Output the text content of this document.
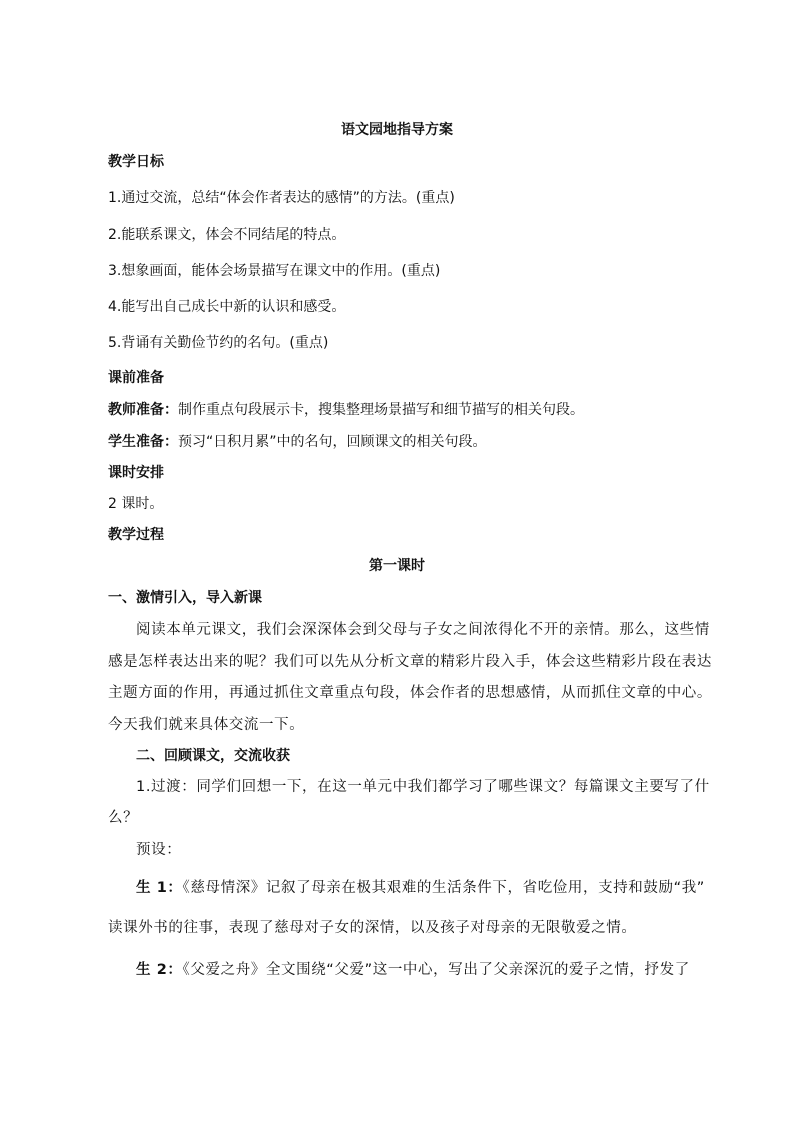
语文园地指导方案
教学日标
1.通过交流，总结“体会作者表达的感情”的方法。(重点)
2.能联系课文，体会不同结尾的特点。
3.想象画面，能体会场景描写在课文中的作用。(重点)
4.能写出自己成长中新的认识和感受。
5.背诵有关勤俭节约的名句。(重点)
课前准备
教师准备：制作重点句段展示卡，搜集整理场景描写和细节描写的相关句段。
学生准备：预习“日积月累”中的名句，回顾课文的相关句段。
课时安排
2 课时。
教学过程
第一课时
一、激情引入，导入新课
阅读本单元课文，我们会深深体会到父母与子女之间浓得化不开的亲情。那么，这些情
感是怎样表达出来的呢？我们可以先从分析文章的精彩片段入手，体会这些精彩片段在表达
主题方面的作用，再通过抓住文章重点句段，体会作者的思想感情，从而抓住文章的中心。
今天我们就来具体交流一下。
二、回顾课文，交流收获
1.过渡：同学们回想一下，在这一单元中我们都学习了哪些课文？每篇课文主要写了什
么？
预设：
生 1：《慈母情深》记叙了母亲在极其艰难的生活条件下，省吃俭用，支持和鼓励“我”
读课外书的往事，表现了慈母对子女的深情，以及孩子对母亲的无限敬爱之情。
生 2：《父爱之舟》全文围绕“父爱”这一中心，写出了父亲深沉的爱子之情，抒发了
